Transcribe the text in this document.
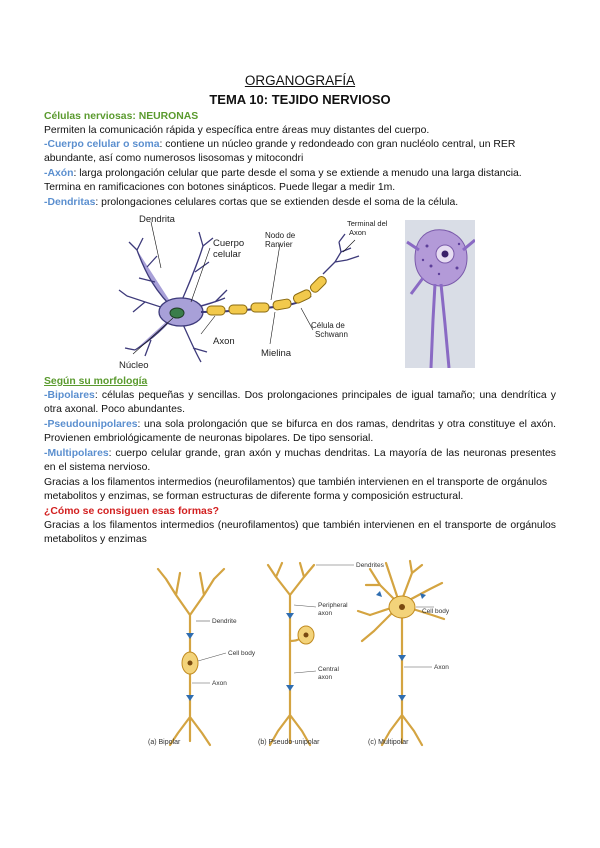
ORGANOGRAFÍA
TEMA 10: TEJIDO NERVIOSO
Células nerviosas: NEURONAS
Permiten la comunicación rápida y específica entre áreas muy distantes del cuerpo.
-Cuerpo celular o soma: contiene un núcleo grande y redondeado con gran nucléolo central, un RER abundante, así como numerosos lisosomas y mitocondri
-Axón: larga prolongación celular que parte desde el soma y se extiende a menudo una larga distancia. Termina en ramificaciones con botones sinápticos. Puede llegar a medir 1m.
-Dendritas: prolongaciones celulares cortas que se extienden desde el soma de la célula.
Dendrita
Cuerpo
celular
Nodo de
Ranvier
Terminal del
Axon
Axon
Célula de
Schwann
Mielina
Núcleo
Según su morfología
-Bipolares: células pequeñas y sencillas. Dos prolongaciones principales de igual tamaño; una dendrítica y otra axonal. Poco abundantes.
-Pseudounipolares: una sola prolongación que se bifurca en dos ramas, dendritas y otra constituye el axón. Provienen embriológicamente de neuronas bipolares. De tipo sensorial.
-Multipolares: cuerpo celular grande, gran axón y muchas dendritas. La mayoría de las neuronas presentes en el sistema nervioso.
Gracias a los filamentos intermedios (neurofilamentos) que también intervienen en el transporte de orgánulos metabolitos y enzimas, se forman estructuras de diferente forma y composición estructural.
¿Cómo se consiguen esas formas?
Gracias a los filamentos intermedios (neurofilamentos) que también intervienen en el transporte de orgánulos metabolitos y enzimas
Dendrite
Cell body
Axon
Dendrites
Peripheral
axon
Central
axon
Cell body
Axon
(a) Bipolar	(b) Pseudo-unipolar	(c) Multipolar
